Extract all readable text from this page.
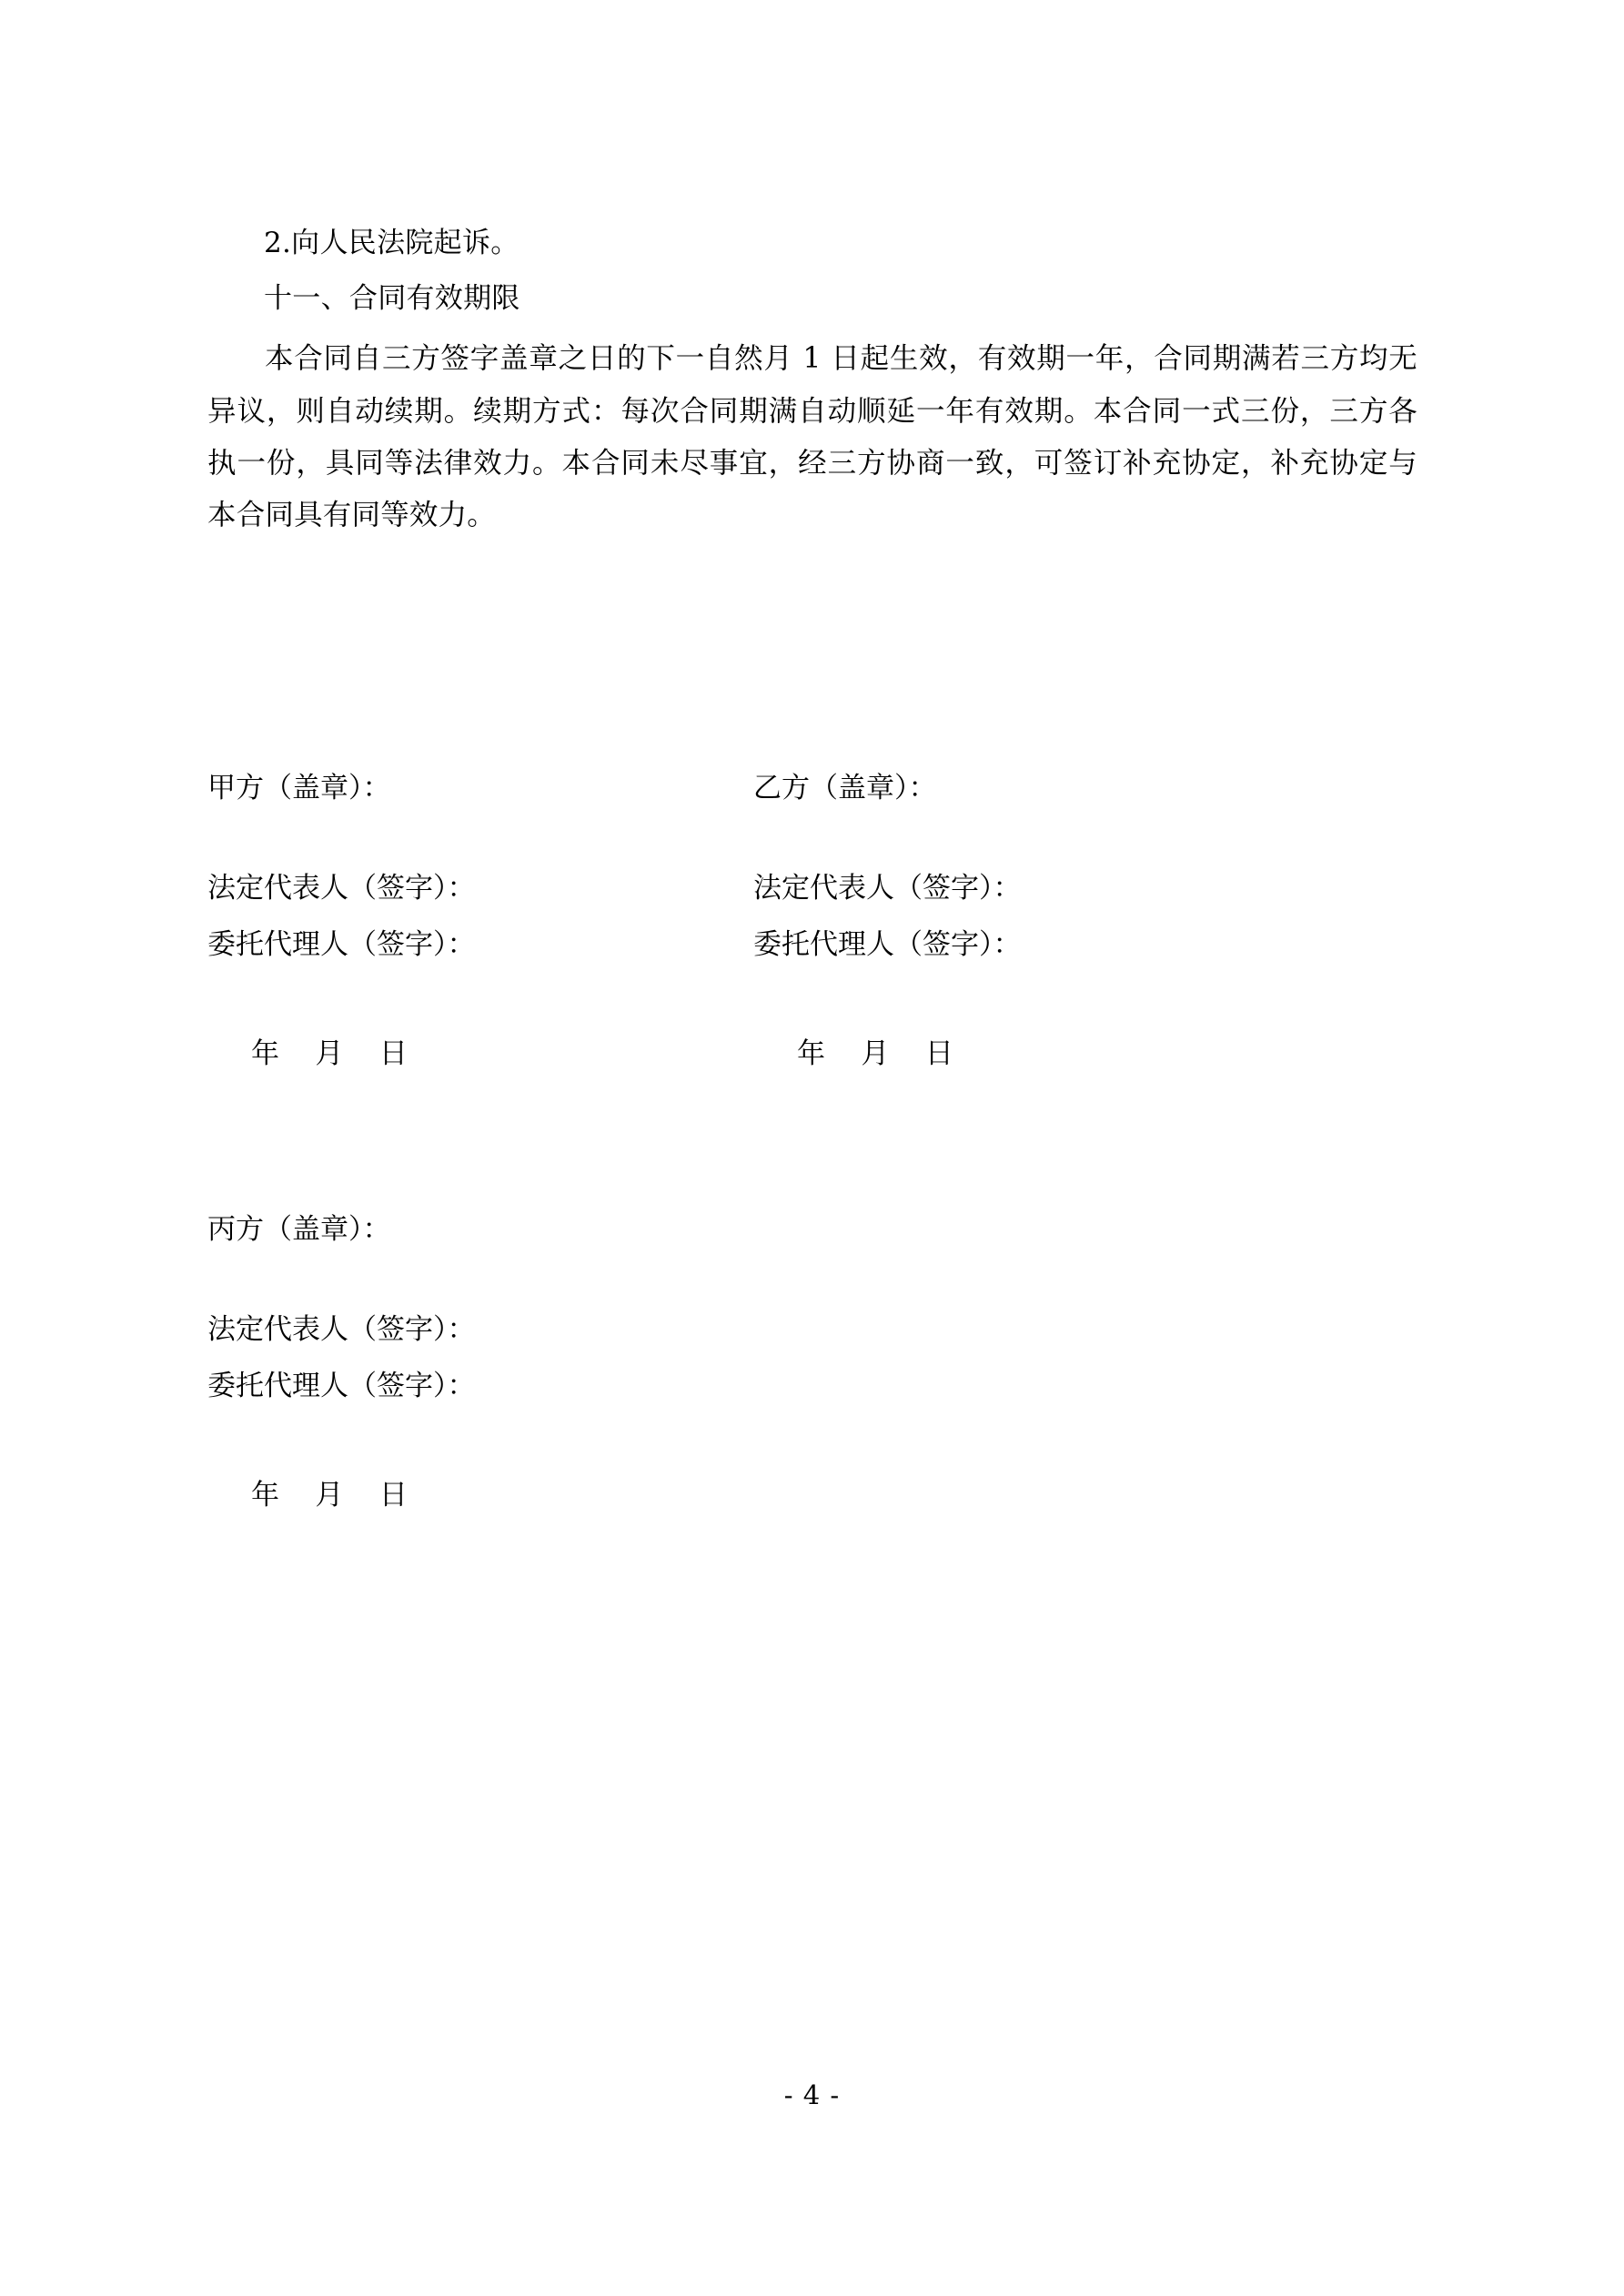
2.向人民法院起诉。

十一、合同有效期限

本合同自三方签字盖章之日的下一自然月 1 日起生效，有效期一年，合同期满若三方均无异议，则自动续期。续期方式：每次合同期满自动顺延一年有效期。本合同一式三份，三方各执一份，具同等法律效力。本合同未尽事宜，经三方协商一致，可签订补充协定，补充协定与本合同具有同等效力。

甲方（盖章）：	乙方（盖章）：
法定代表人（签字）：	法定代表人（签字）：
委托代理人（签字）：	委托代理人（签字）：
年    月    日	年    月    日
丙方（盖章）：
法定代表人（签字）：
委托代理人（签字）：
年    月    日
- 4 -
